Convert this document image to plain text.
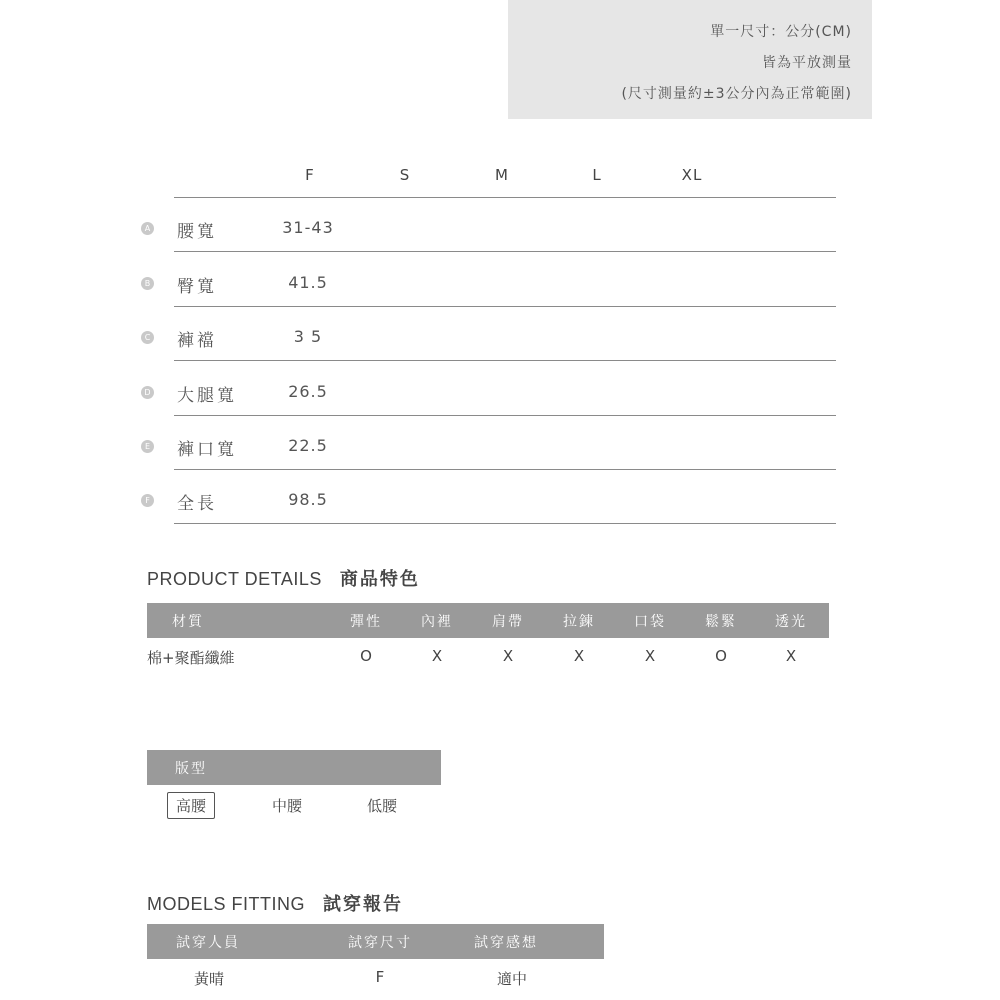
單一尺寸：公分(CM)
皆為平放測量
(尺寸測量約±3公分內為正常範圍)
F	S	M	L	XL
A 腰寬	31-43
B 臀寬	41.5
C 褲襠	3 5
D 大腿寬	26.5
E 褲口寬	22.5
F 全長	98.5
PRODUCT DETAILS 商品特色
材質	彈性	內裡	肩帶	拉鍊	口袋	鬆緊	透光
棉+聚酯纖維	O	X	X	X	X	O	X
版型
高腰	中腰	低腰
MODELS FITTING 試穿報告
試穿人員	試穿尺寸	試穿感想
黃晴	F	適中
